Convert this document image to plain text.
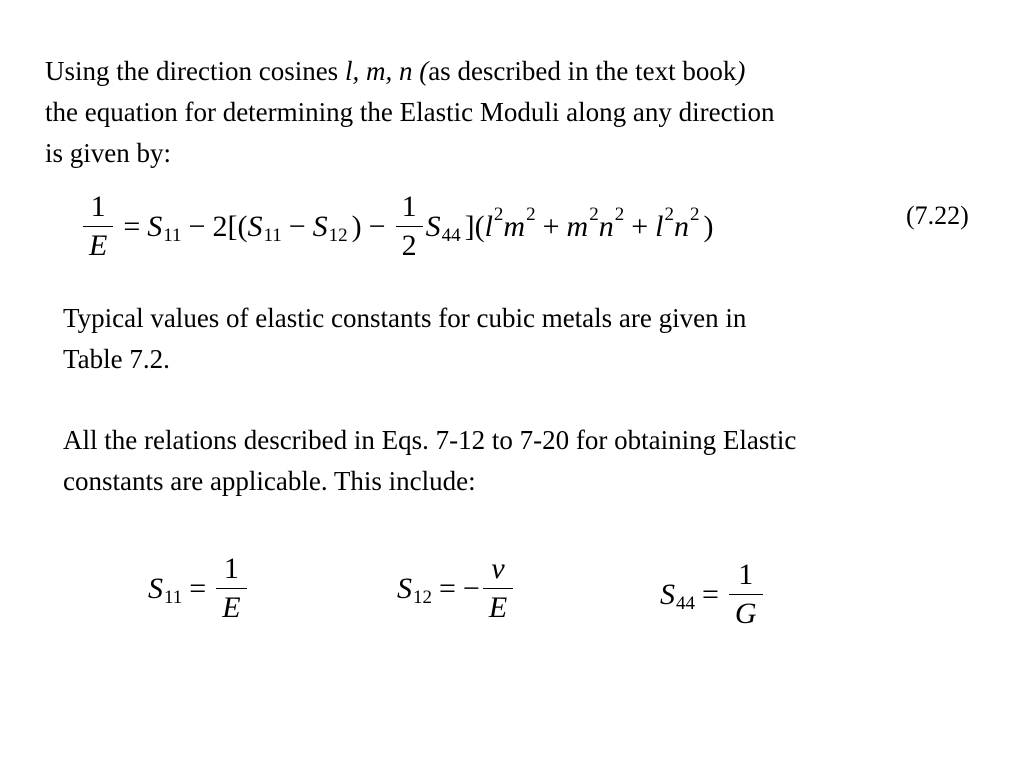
Using the direction cosines l, m, n (as described in the text book)
the equation for determining the Elastic Moduli along any direction
is given by:
$\frac{1}{E} = S$ 11 − 2 [( S 11 − S 12 ) − $\frac{1}{2}$ S 44 ]( l 2 m 2 + m 2 n 2 + l 2 n 2 )	(7.22)
Typical values of elastic constants for cubic metals are given in
Table 7.2.
All the relations described in Eqs. 7-12 to 7-20 for obtaining Elastic
constants are applicable. This include:
S $11 = \frac{1}{E}$	S 12 = − $\frac{v}{E}$	S $44 = \frac{1}{G}$
